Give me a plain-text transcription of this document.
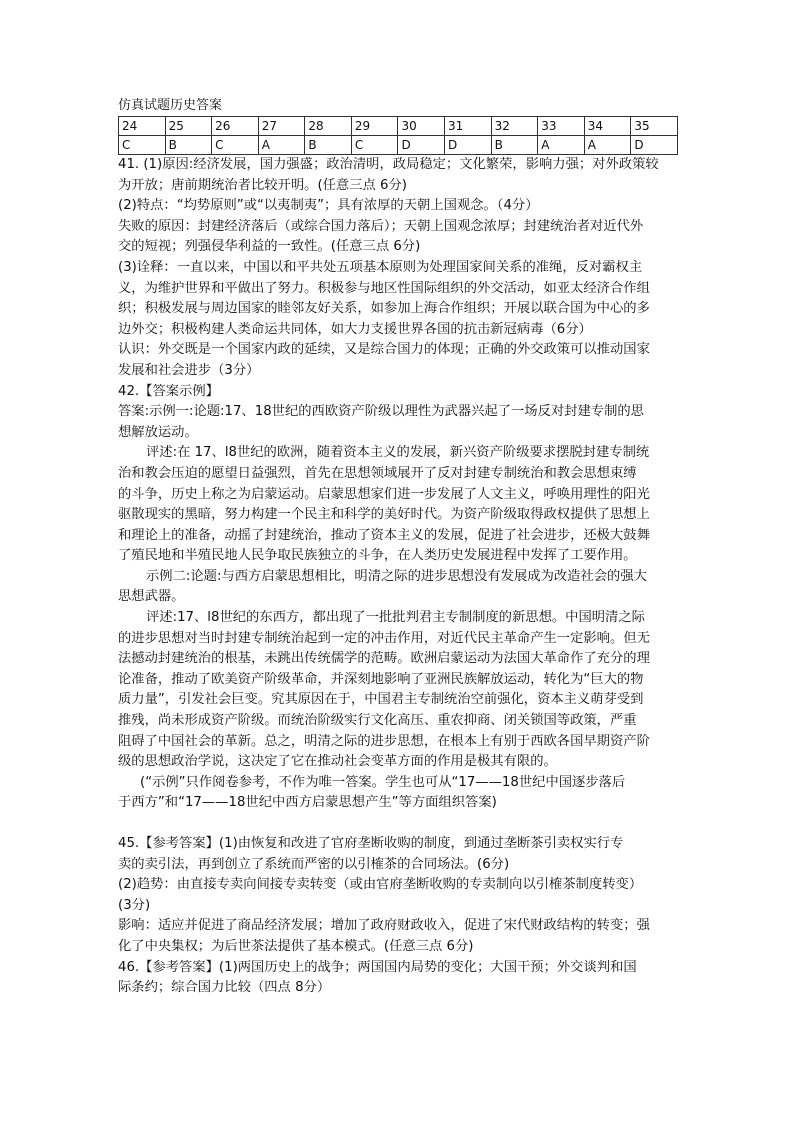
仿真试题历史答案
24	25	26	27	28	29	30	31	32	33	34	35
C	B	C	A	B	C	D	D	B	A	A	D
41. (1)原因:经济发展，国力强盛；政治清明，政局稳定；文化繁荣，影响力强；对外政策较
为开放；唐前期统治者比较开明。(任意三点 6分)
(2)特点：“均势原则”或“以夷制夷”；具有浓厚的天朝上国观念。（4分）
失败的原因：封建经济落后（或综合国力落后）；天朝上国观念浓厚；封建统治者对近代外
交的短视；列强侵华利益的一致性。(任意三点 6分)
(3)诠释：一直以来，中国以和平共处五项基本原则为处理国家间关系的准绳，反对霸权主
义，为维护世界和平做出了努力。积极参与地区性国际组织的外交活动，如亚太经济合作组
织；积极发展与周边国家的睦邻友好关系，如参加上海合作组织；开展以联合国为中心的多
边外交；积极构建人类命运共同体，如大力支援世界各国的抗击新冠病毒（6分）
认识：外交既是一个国家内政的延续，又是综合国力的体现；正确的外交政策可以推动国家
发展和社会进步（3分）
42.【答案示例】
答案:示例一:论题:17、18世纪的西欧资产阶级以理性为武器兴起了一场反对封建专制的思
想解放运动。
评述:在 17、l8世纪的欧洲，随着资本主义的发展，新兴资产阶级要求摆脱封建专制统
治和教会压迫的愿望日益强烈，首先在思想领域展开了反对封建专制统治和教会思想束缚
的斗争，历史上称之为启蒙运动。启蒙思想家们进一步发展了人文主义，呼唤用理性的阳光
驱散现实的黑暗，努力构建一个民主和科学的美好时代。为资产阶级取得政权提供了思想上
和理论上的准备，动摇了封建统治，推动了资本主义的发展，促进了社会进步，还极大鼓舞
了殖民地和半殖民地人民争取民族独立的斗争，在人类历史发展进程中发挥了工要作用。
示例二:论题:与西方启蒙思想相比，明清之际的进步思想没有发展成为改造社会的强大
思想武器。
评述:17、l8世纪的东西方，都出现了一批批判君主专制制度的新思想。中国明清之际
的进步思想对当时封建专制统治起到一定的冲击作用，对近代民主革命产生一定影响。但无
法撼动封建统治的根基，未跳出传统儒学的范畴。欧洲启蒙运动为法国大革命作了充分的理
论准备，推动了欧美资产阶级革命，并深刻地影响了亚洲民族解放运动，转化为“巨大的物
质力量”，引发社会巨变。究其原因在于，中国君主专制统治空前强化，资本主义萌芽受到
推残，尚未形成资产阶级。而统治阶级实行文化高压、重农抑商、闭关锁国等政策，严重
阻碍了中国社会的革新。总之，明清之际的进步思想，在根本上有别于西欧各国早期资产阶
级的思想政治学说，这决定了它在推动社会变革方面的作用是极其有限的。
(“示例”只作阅卷参考，不作为唯一答案。学生也可从“17——18世纪中国逐步落后
于西方”和“17——18世纪中西方启蒙思想产生”等方面组织答案)
45.【参考答案】(1)由恢复和改进了官府垄断收购的制度，到通过垄断茶引卖权实行专
卖的卖引法，再到创立了系统而严密的以引榷茶的合同场法。(6分)
(2)趋势：由直接专卖向间接专卖转变（或由官府垄断收购的专卖制向以引榷茶制度转变）
(3分)
影响：适应并促进了商品经济发展；增加了政府财政收入，促进了宋代财政结构的转变；强
化了中央集权；为后世茶法提供了基本模式。(任意三点 6分)
46.【参考答案】(1)两国历史上的战争；两国国内局势的变化；大国干预；外交谈判和国
际条约；综合国力比较（四点 8分）
